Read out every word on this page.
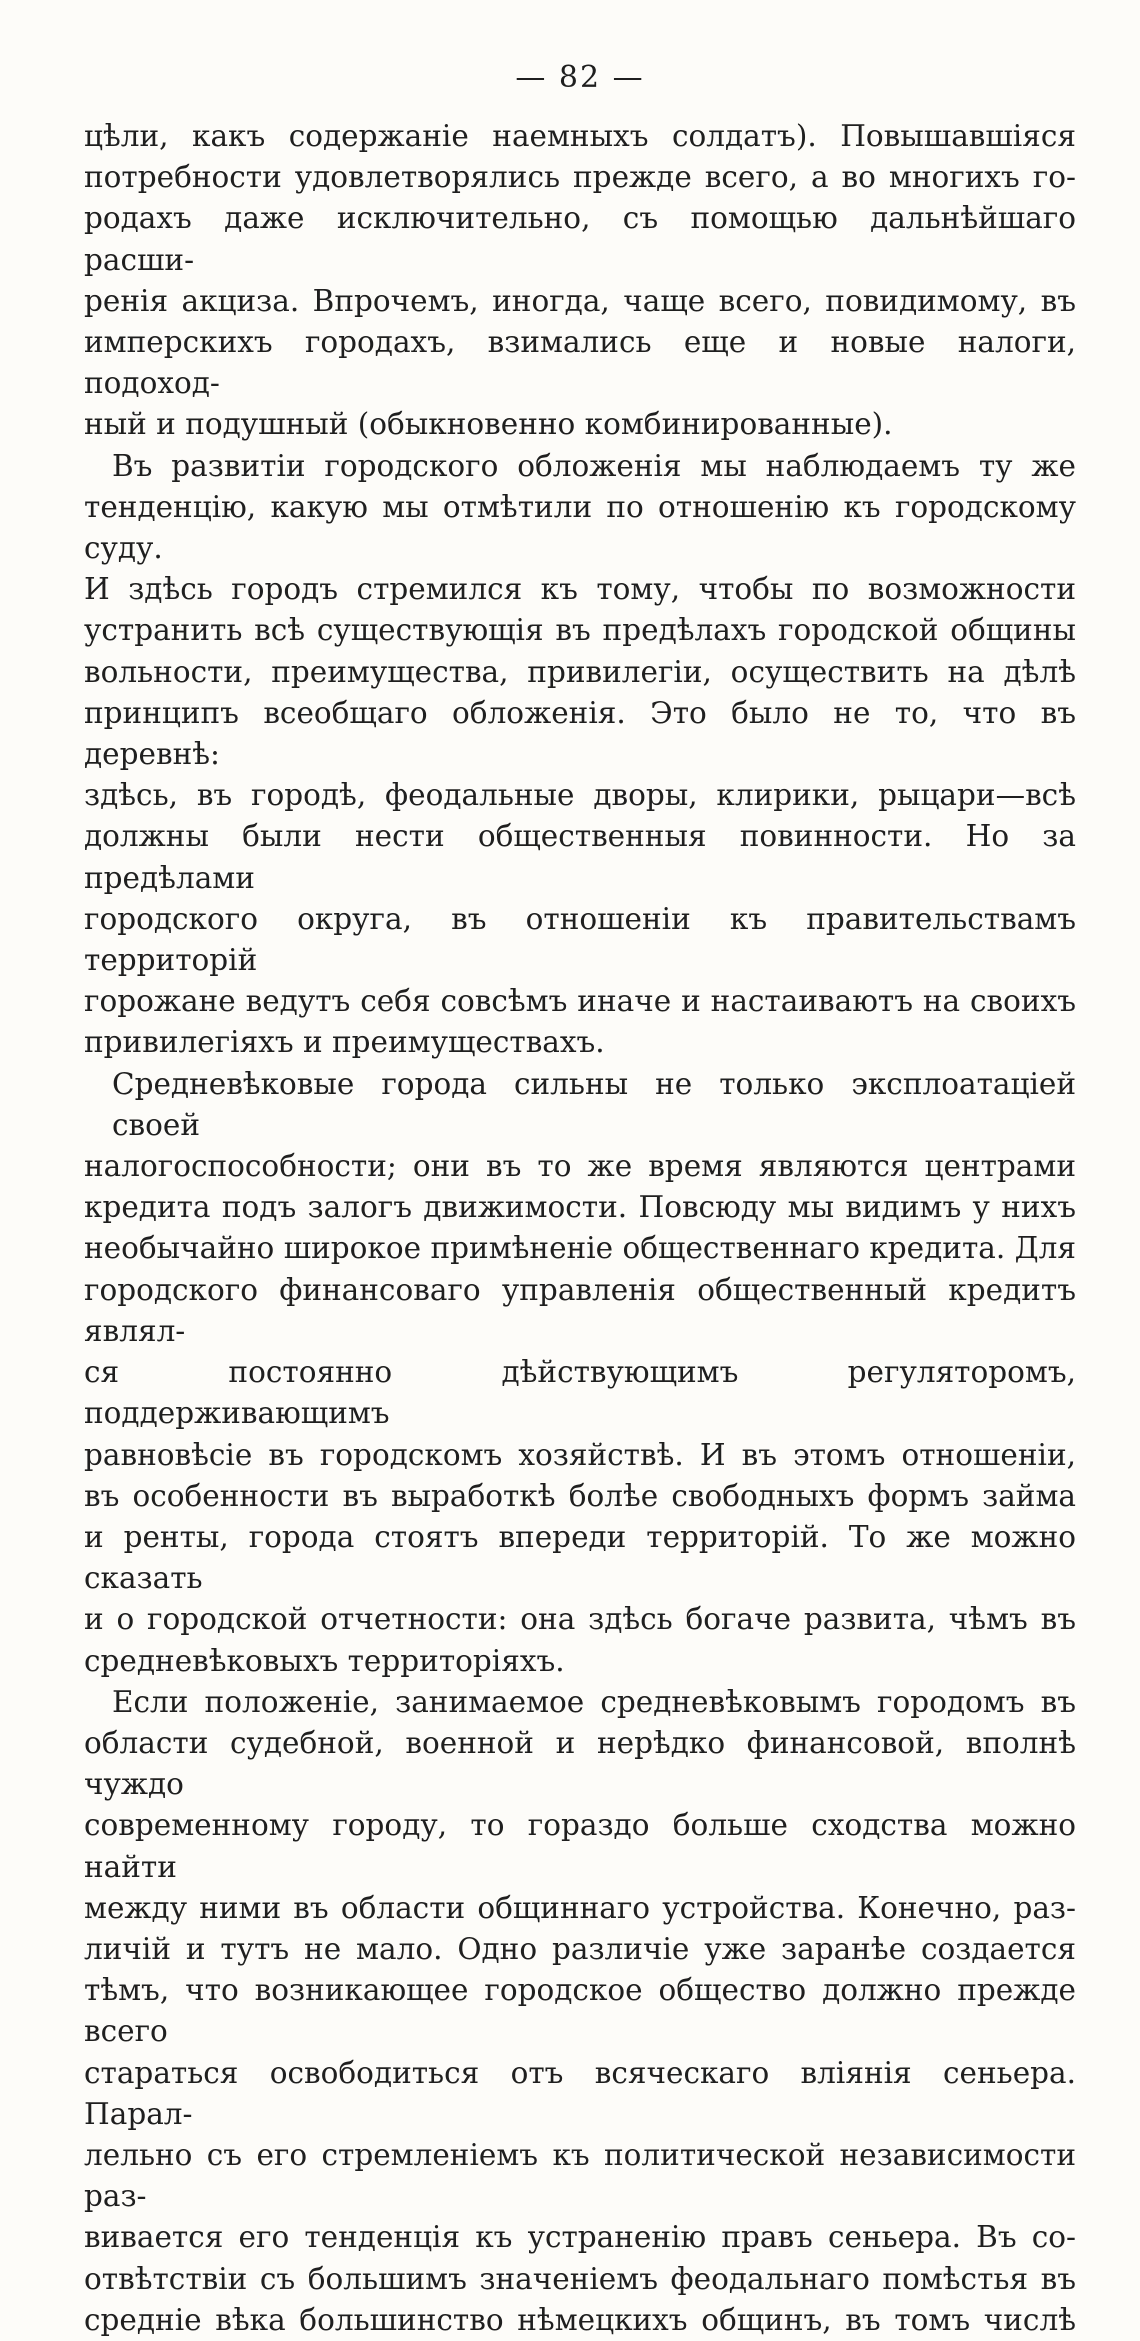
— 82 —

цѣли, какъ содержаніе наемныхъ солдатъ). Повышавшіяся
потребности удовлетворялись прежде всего, а во многихъ го-
родахъ даже исключительно, съ помощью дальнѣйшаго расши-
ренія акциза. Впрочемъ, иногда, чаще всего, повидимому, въ
имперскихъ городахъ, взимались еще и новые налоги, подоход-
ный и подушный (обыкновенно комбинированные).

Въ развитіи городского обложенія мы наблюдаемъ ту же
тенденцію, какую мы отмѣтили по отношенію къ городскому суду.
И здѣсь городъ стремился къ тому, чтобы по возможности
устранить всѣ существующія въ предѣлахъ городской общины
вольности, преимущества, привилегіи, осуществить на дѣлѣ
принципъ всеобщаго обложенія. Это было не то, что въ деревнѣ:
здѣсь, въ городѣ, феодальные дворы, клирики, рыцари—всѣ
должны были нести общественныя повинности. Но за предѣлами
городского округа, въ отношеніи къ правительствамъ территорій
горожане ведутъ себя совсѣмъ иначе и настаиваютъ на своихъ
привилегіяхъ и преимуществахъ.

Средневѣковые города сильны не только эксплоатаціей своей
налогоспособности; они въ то же время являются центрами
кредита подъ залогъ движимости. Повсюду мы видимъ у нихъ
необычайно широкое примѣненіе общественнаго кредита. Для
городского финансоваго управленія общественный кредитъ являл-
ся постоянно дѣйствующимъ регуляторомъ, поддерживающимъ
равновѣсіе въ городскомъ хозяйствѣ. И въ этомъ отношеніи,
въ особенности въ выработкѣ болѣе свободныхъ формъ займа
и ренты, города стоятъ впереди территорій. То же можно сказать
и о городской отчетности: она здѣсь богаче развита, чѣмъ въ
средневѣковыхъ территоріяхъ.

Если положеніе, занимаемое средневѣковымъ городомъ въ
области судебной, военной и нерѣдко финансовой, вполнѣ чуждо
современному городу, то гораздо больше сходства можно найти
между ними въ области общиннаго устройства. Конечно, раз-
личій и тутъ не мало. Одно различіе уже заранѣе создается
тѣмъ, что возникающее городское общество должно прежде всего
стараться освободиться отъ всяческаго вліянія сеньера. Парал-
лельно съ его стремленіемъ къ политической независимости раз-
вивается его тенденція къ устраненію правъ сеньера. Въ со-
отвѣтствіи съ большимъ значеніемъ феодальнаго помѣстья въ
средніе вѣка большинство нѣмецкихъ общинъ, въ томъ числѣ
